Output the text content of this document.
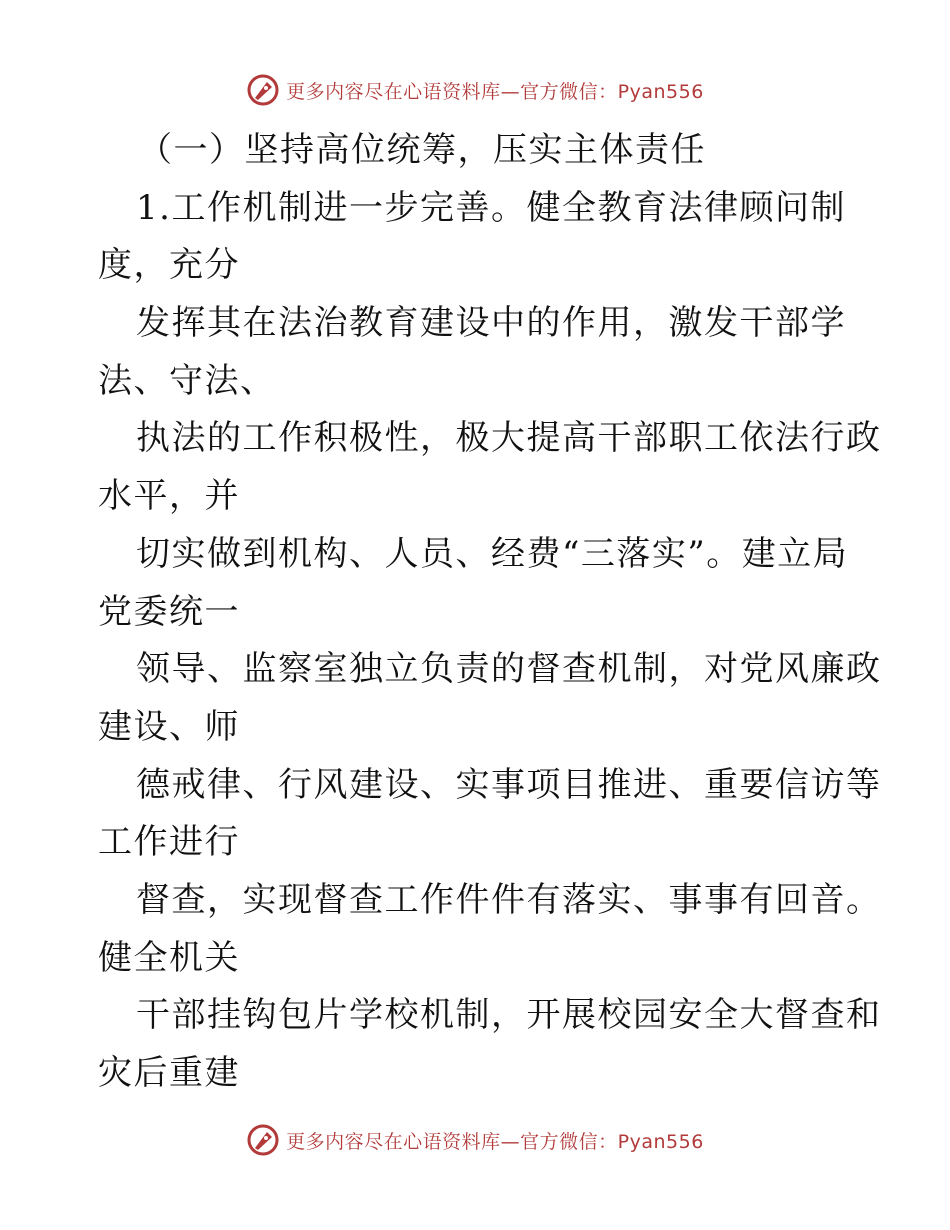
更多内容尽在心语资料库—官方微信：Pyan556
（一）坚持高位统筹，压实主体责任
1.工作机制进一步完善。健全教育法律顾问制
度，充分
发挥其在法治教育建设中的作用，激发干部学
法、守法、
执法的工作积极性，极大提高干部职工依法行政
水平，并
切实做到机构、人员、经费“三落实”。建立局
党委统一
领导、监察室独立负责的督查机制，对党风廉政
建设、师
德戒律、行风建设、实事项目推进、重要信访等
工作进行
督查，实现督查工作件件有落实、事事有回音。
健全机关
干部挂钩包片学校机制，开展校园安全大督查和
灾后重建
更多内容尽在心语资料库—官方微信：Pyan556
